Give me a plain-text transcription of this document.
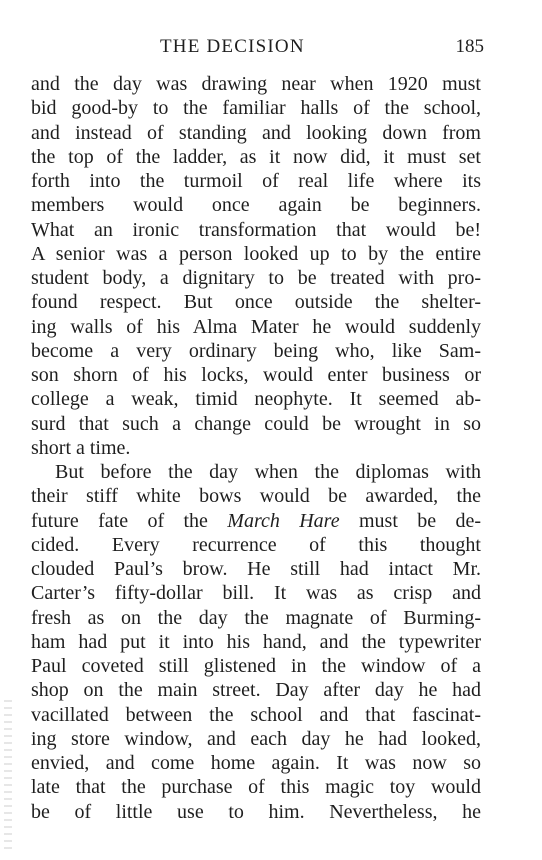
THE DECISION	185
and the day was drawing near when 1920 must
bid good-by to the familiar halls of the school,
and instead of standing and looking down from
the top of the ladder, as it now did, it must set
forth into the turmoil of real life where its
members would once again be beginners.
What an ironic transformation that would be!
A senior was a person looked up to by the entire
student body, a dignitary to be treated with pro-
found respect. But once outside the shelter-
ing walls of his Alma Mater he would suddenly
become a very ordinary being who, like Sam-
son shorn of his locks, would enter business or
college a weak, timid neophyte. It seemed ab-
surd that such a change could be wrought in so
short a time.
But before the day when the diplomas with
their stiff white bows would be awarded, the
future fate of the March Hare must be de-
cided. Every recurrence of this thought
clouded Paul’s brow. He still had intact Mr.
Carter’s fifty-dollar bill. It was as crisp and
fresh as on the day the magnate of Burming-
ham had put it into his hand, and the typewriter
Paul coveted still glistened in the window of a
shop on the main street. Day after day he had
vacillated between the school and that fascinat-
ing store window, and each day he had looked,
envied, and come home again. It was now so
late that the purchase of this magic toy would
be of little use to him. Nevertheless, he
